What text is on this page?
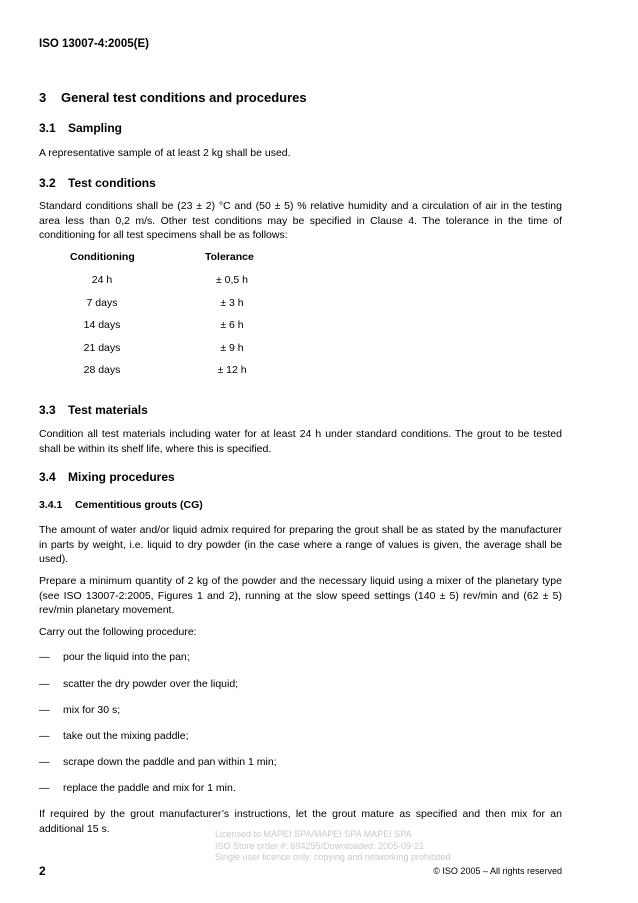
ISO 13007-4:2005(E)
3 General test conditions and procedures
3.1 Sampling
A representative sample of at least 2 kg shall be used.
3.2 Test conditions
Standard conditions shall be (23 ± 2) °C and (50 ± 5) % relative humidity and a circulation of air in the testing area less than 0,2 m/s. Other test conditions may be specified in Clause 4. The tolerance in the time of conditioning for all test specimens shall be as follows:
Conditioning	Tolerance
24 h	± 0,5 h
7 days	± 3 h
14 days	± 6 h
21 days	± 9 h
28 days	± 12 h
3.3 Test materials
Condition all test materials including water for at least 24 h under standard conditions. The grout to be tested shall be within its shelf life, where this is specified.
3.4 Mixing procedures
3.4.1 Cementitious grouts (CG)
The amount of water and/or liquid admix required for preparing the grout shall be as stated by the manufacturer in parts by weight, i.e. liquid to dry powder (in the case where a range of values is given, the average shall be used).
Prepare a minimum quantity of 2 kg of the powder and the necessary liquid using a mixer of the planetary type (see ISO 13007-2:2005, Figures 1 and 2), running at the slow speed settings (140 ± 5) rev/min and (62 ± 5) rev/min planetary movement.
Carry out the following procedure:
— pour the liquid into the pan;
— scatter the dry powder over the liquid;
— mix for 30 s;
— take out the mixing paddle;
— scrape down the paddle and pan within 1 min;
— replace the paddle and mix for 1 min.
If required by the grout manufacturer’s instructions, let the grout mature as specified and then mix for an additional 15 s.	Licensed to MAPEI SPA/MAPEI SPA MAPEI SPA
ISO Store order #: 694255/Downloaded: 2005-09-21
Single user licence only, copying and networking prohibited
2	© ISO 2005 – All rights reserved
